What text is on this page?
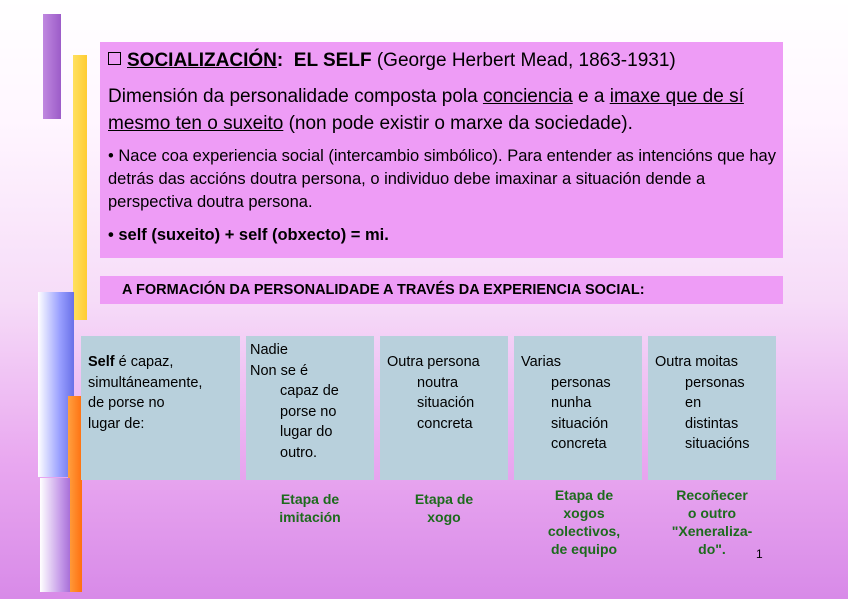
SOCIALIZACIÓN: EL SELF (George Herbert Mead, 1863-1931)
Dimensión da personalidade composta pola conciencia e a imaxe que de sí mesmo ten o suxeito (non pode existir o marxe da sociedade).
• Nace coa experiencia social (intercambio simbólico). Para entender as intencións que hay detrás das accións doutra persona, o individuo debe imaxinar a situación dende a perspectiva doutra persona.
• self (suxeito) + self (obxecto) = mi.
A FORMACIÓN DA PERSONALIDADE A TRAVÉS DA EXPERIENCIA SOCIAL:
Self é capaz,
simultáneamente,
de porse no
lugar de:
Nadie
Non se é
capaz de
porse no
lugar do
outro.
Outra persona
noutra
situación
concreta
Varias
personas
nunha
situación
concreta
Outra moitas
personas
en
distintas
situacións
Etapa de
imitación
Etapa de
xogo
Etapa de
xogos
colectivos,
de equipo
Recoñecer
o outro
"Xeneraliza-
do".	1
